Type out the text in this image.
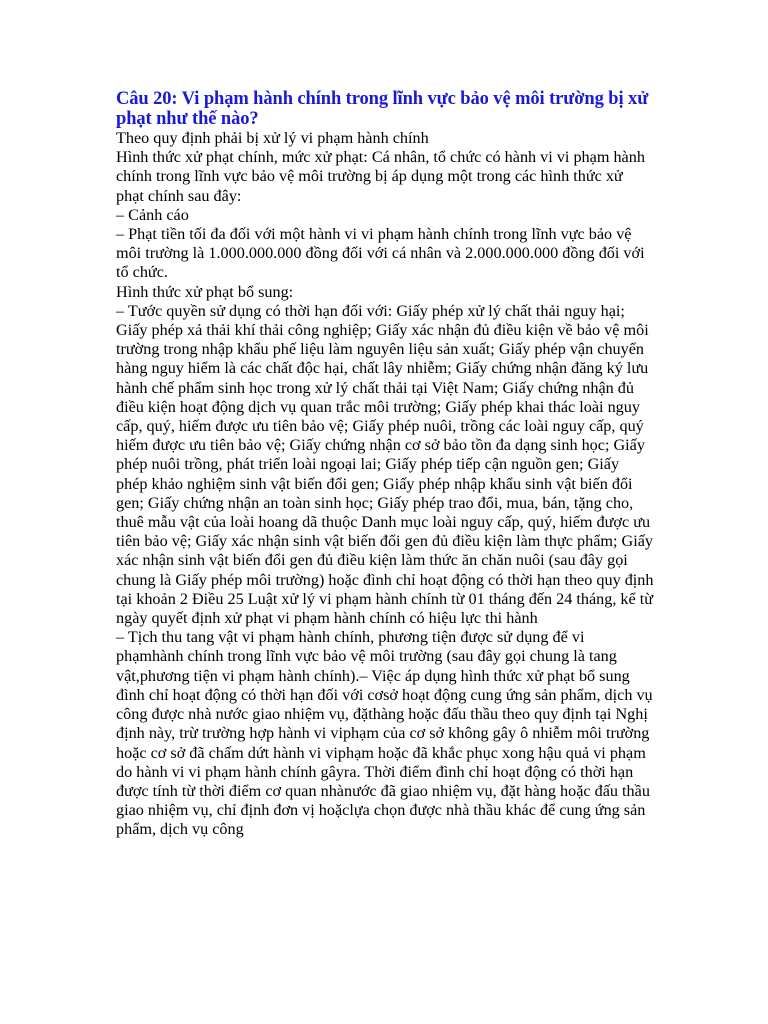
Câu 20: Vi phạm hành chính trong lĩnh vực bảo vệ môi trường bị xử phạt như thế nào?

Theo quy định phải bị xử lý vi phạm hành chính

Hình thức xử phạt chính, mức xử phạt: Cá nhân, tổ chức có hành vi vi phạm hành chính trong lĩnh vực bảo vệ môi trường bị áp dụng một trong các hình thức xử phạt chính sau đây:

– Cảnh cáo

– Phạt tiền tối đa đối với một hành vi vi phạm hành chính trong lĩnh vực bảo vệ môi trường là 1.000.000.000 đồng đối với cá nhân và 2.000.000.000 đồng đối với tổ chức.

Hình thức xử phạt bổ sung:

– Tước quyền sử dụng có thời hạn đối với: Giấy phép xử lý chất thải nguy hại; Giấy phép xả thải khí thải công nghiệp; Giấy xác nhận đủ điều kiện về bảo vệ môi trường trong nhập khẩu phế liệu làm nguyên liệu sản xuất; Giấy phép vận chuyển hàng nguy hiểm là các chất độc hại, chất lây nhiễm; Giấy chứng nhận đăng ký lưu hành chế phẩm sinh học trong xử lý chất thải tại Việt Nam; Giấy chứng nhận đủ điều kiện hoạt động dịch vụ quan trắc môi trường; Giấy phép khai thác loài nguy cấp, quý, hiếm được ưu tiên bảo vệ; Giấy phép nuôi, trồng các loài nguy cấp, quý hiếm được ưu tiên bảo vệ; Giấy chứng nhận cơ sở bảo tồn đa dạng sinh học; Giấy phép nuôi trồng, phát triển loài ngoại lai; Giấy phép tiếp cận nguồn gen; Giấy phép khảo nghiệm sinh vật biến đổi gen; Giấy phép nhập khẩu sinh vật biến đổi gen; Giấy chứng nhận an toàn sinh học; Giấy phép trao đổi, mua, bán, tặng cho, thuê mẫu vật của loài hoang dã thuộc Danh mục loài nguy cấp, quý, hiếm được ưu tiên bảo vệ; Giấy xác nhận sinh vật biến đổi gen đủ điều kiện làm thực phẩm; Giấy xác nhận sinh vật biến đổi gen đủ điều kiện làm thức ăn chăn nuôi (sau đây gọi chung là Giấy phép môi trường) hoặc đình chỉ hoạt động có thời hạn theo quy định tại khoản 2 Điều 25 Luật xử lý vi phạm hành chính từ 01 tháng đến 24 tháng, kể từ ngày quyết định xử phạt vi phạm hành chính có hiệu lực thi hành

– Tịch thu tang vật vi phạm hành chính, phương tiện được sử dụng để vi phạmhành chính trong lĩnh vực bảo vệ môi trường (sau đây gọi chung là tang vật,phương tiện vi phạm hành chính).– Việc áp dụng hình thức xử phạt bổ sung đình chỉ hoạt động có thời hạn đối với cơsở hoạt động cung ứng sản phẩm, dịch vụ công được nhà nước giao nhiệm vụ, đặthàng hoặc đấu thầu theo quy định tại Nghị định này, trừ trường hợp hành vi viphạm của cơ sở không gây ô nhiễm môi trường hoặc cơ sở đã chấm dứt hành vi viphạm hoặc đã khắc phục xong hậu quả vi phạm do hành vi vi phạm hành chính gâyra. Thời điểm đình chỉ hoạt động có thời hạn được tính từ thời điểm cơ quan nhànước đã giao nhiệm vụ, đặt hàng hoặc đấu thầu giao nhiệm vụ, chỉ định đơn vị hoặclựa chọn được nhà thầu khác để cung ứng sản phẩm, dịch vụ công
